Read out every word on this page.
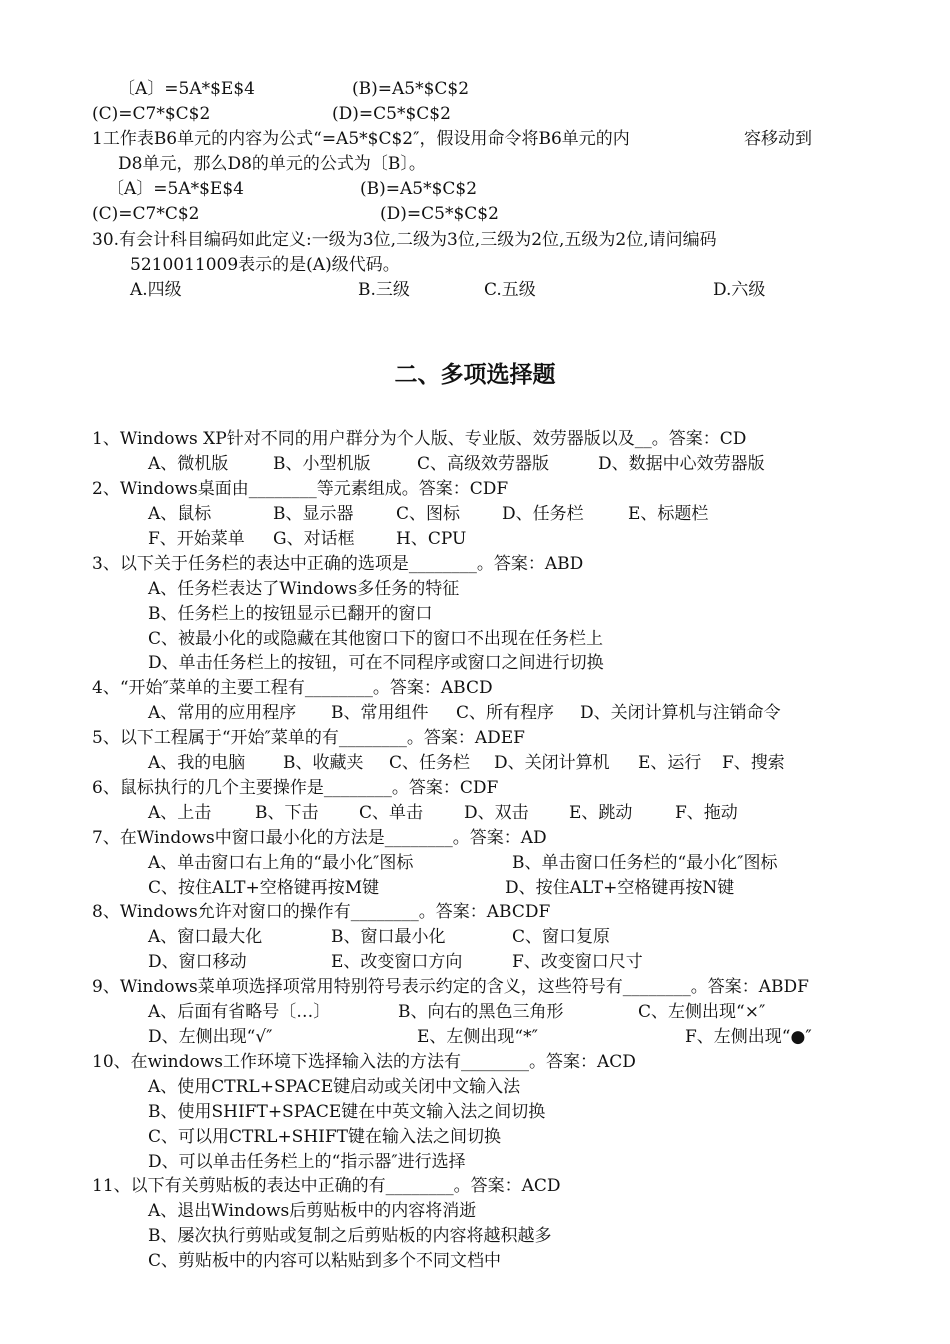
〔A〕=5A*$E$4	(B)=A5*$C$2
(C)=C7*$C$2	(D)=C5*$C$2
1工作表B6单元的内容为公式“=A5*$C$2″，假设用命令将B6单元的内	容移动到
D8单元，那么D8的单元的公式为〔B〕。
〔A〕=5A*$E$4	(B)=A5*$C$2
(C)=C7*C$2	(D)=C5*$C$2
30.有会计科目编码如此定义:一级为3位,二级为3位,三级为2位,五级为2位,请问编码
5210011009表示的是(A)级代码。
A.四级	B.三级	C.五级	D.六级
二、多项选择题
1、Windows XP针对不同的用户群分为个人版、专业版、效劳器版以及__。答案：CD
A、微机版	B、小型机版	C、高级效劳器版	D、数据中心效劳器版
2、Windows桌面由________等元素组成。答案：CDF
A、鼠标	B、显示器	C、图标 D、任务栏	E、标题栏
F、开始菜单 G、对话框 H、CPU
3、以下关于任务栏的表达中正确的选项是________。答案：ABD
A、任务栏表达了Windows多任务的特征
B、任务栏上的按钮显示已翻开的窗口
C、被最小化的或隐藏在其他窗口下的窗口不出现在任务栏上
D、单击任务栏上的按钮，可在不同程序或窗口之间进行切换
4、“开始″菜单的主要工程有________。答案：ABCD
A、常用的应用程序 B、常用组件 C、所有程序 D、关闭计算机与注销命令
5、以下工程属于“开始″菜单的有________。答案：ADEF
A、我的电脑 B、收藏夹 C、任务栏 D、关闭计算机 E、运行 F、搜索
6、鼠标执行的几个主要操作是________。答案：CDF
A、上击	B、下击 C、单击 D、双击 E、跳动	F、拖动
7、在Windows中窗口最小化的方法是________。答案：AD
A、单击窗口右上角的“最小化″图标	B、单击窗口任务栏的“最小化″图标
C、按住ALT+空格键再按M键	D、按住ALT+空格键再按N键
8、Windows允许对窗口的操作有________。答案：ABCDF
A、窗口最大化	B、窗口最小化	C、窗口复原
D、窗口移动	E、改变窗口方向	F、改变窗口尺寸
9、Windows菜单项选择项常用特别符号表示约定的含义，这些符号有________。答案：ABDF
A、后面有省略号〔…〕	B、向右的黑色三角形	C、左侧出现“×″
D、左侧出现“√″	E、左侧出现“*″	F、左侧出现“●″
10、在windows工作环境下选择输入法的方法有________。答案：ACD
A、使用CTRL+SPACE键启动或关闭中文输入法
B、使用SHIFT+SPACE键在中英文输入法之间切换
C、可以用CTRL+SHIFT键在输入法之间切换
D、可以单击任务栏上的“指示器″进行选择
11、以下有关剪贴板的表达中正确的有________。答案：ACD
A、退出Windows后剪贴板中的内容将消逝
B、屡次执行剪贴或复制之后剪贴板的内容将越积越多
C、剪贴板中的内容可以粘贴到多个不同文档中
